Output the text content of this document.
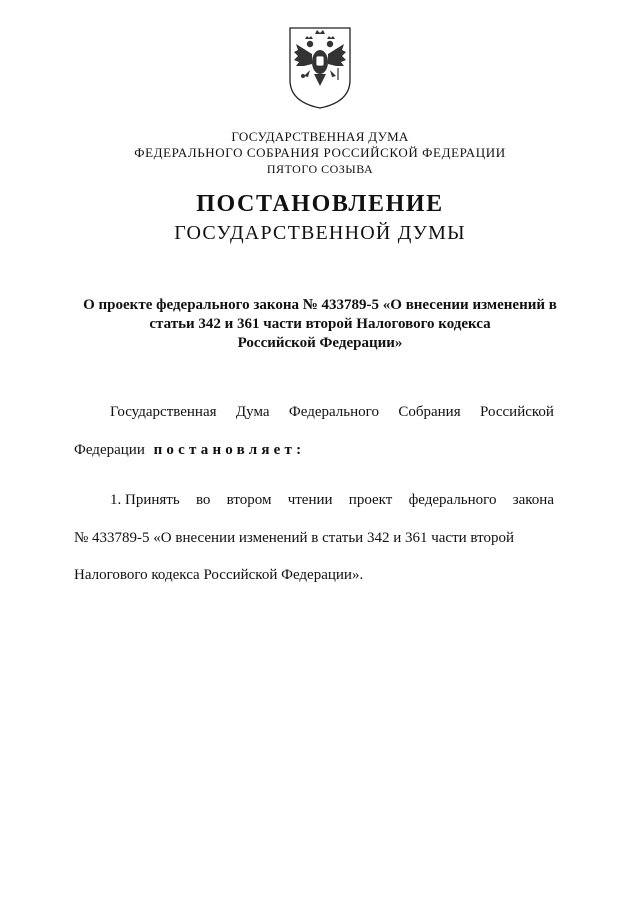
ГОСУДАРСТВЕННАЯ ДУМА
ФЕДЕРАЛЬНОГО СОБРАНИЯ РОССИЙСКОЙ ФЕДЕРАЦИИ
ПЯТОГО СОЗЫВА
ПОСТАНОВЛЕНИЕ
ГОСУДАРСТВЕННОЙ ДУМЫ
О проекте федерального закона № 433789-5 «О внесении изменений в
статьи 342 и 361 части второй Налогового кодекса
Российской Федерации»
Государственная Дума Федерального Собрания Российской
Федерации постановляет:
1. Принять во втором чтении проект федерального закона
№ 433789-5 «О внесении изменений в статьи 342 и 361 части второй
Налогового кодекса Российской Федерации».
